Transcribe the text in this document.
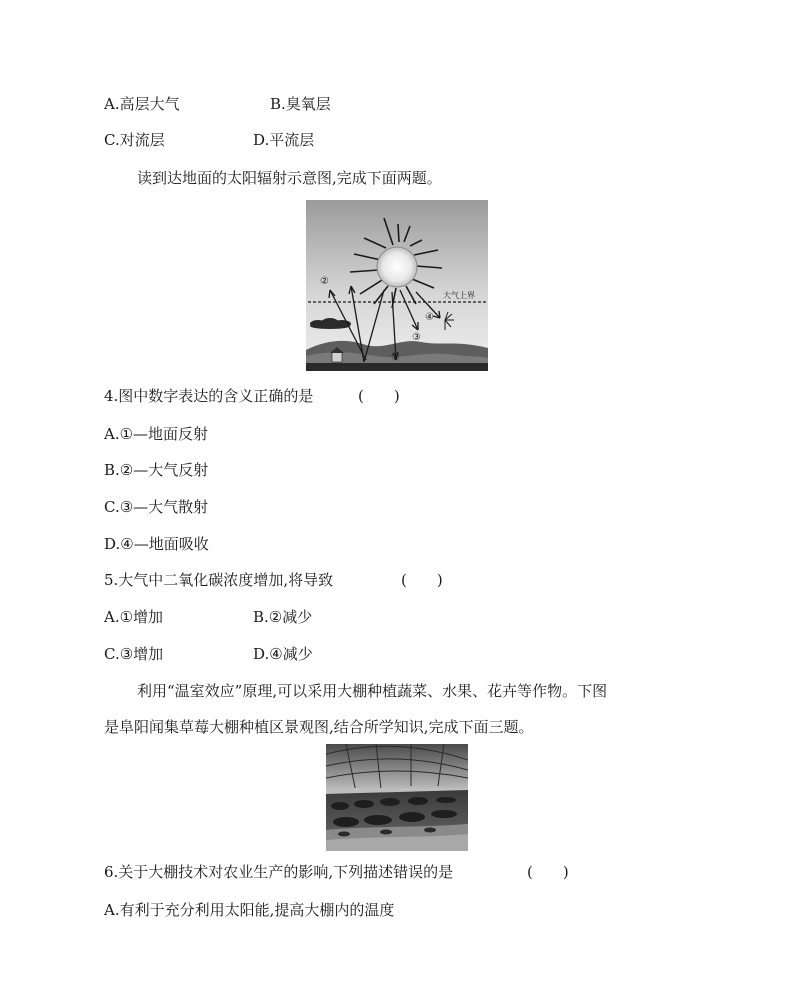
A.高层大气	B.臭氧层
C.对流层	D.平流层
读到达地面的太阳辐射示意图,完成下面两题。
大气上界
①
②
③
④
4.图中数字表达的含义正确的是	(　　)
A.①—地面反射
B.②—大气反射
C.③—大气散射
D.④—地面吸收
5.大气中二氧化碳浓度增加,将导致	(　　)
A.①增加	B.②减少
C.③增加	D.④减少
利用“温室效应”原理,可以采用大棚种植蔬菜、水果、花卉等作物。下图
是阜阳闻集草莓大棚种植区景观图,结合所学知识,完成下面三题。
6.关于大棚技术对农业生产的影响,下列描述错误的是	(　　)
A.有利于充分利用太阳能,提高大棚内的温度
